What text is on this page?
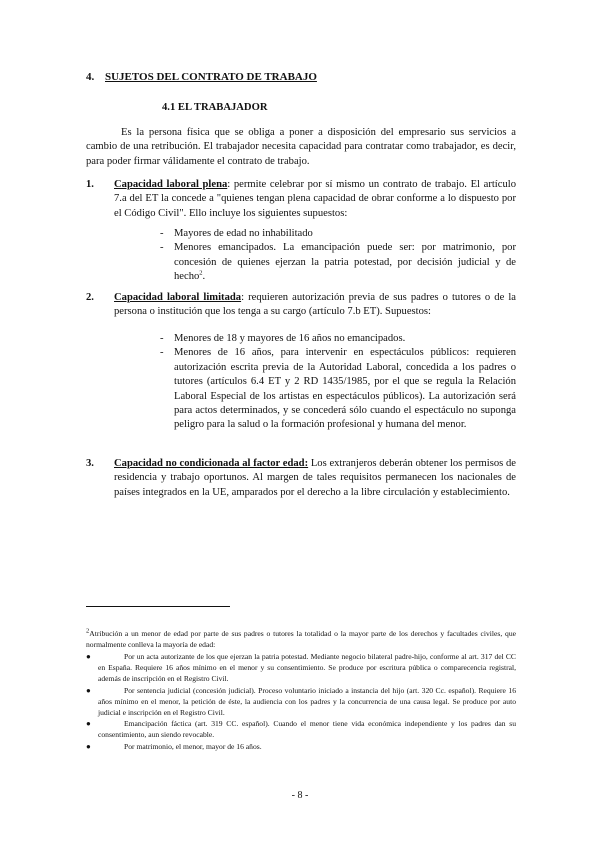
4. SUJETOS DEL CONTRATO DE TRABAJO
4.1 EL TRABAJADOR

Es la persona física que se obliga a poner a disposición del empresario sus servicios a cambio de una retribución. El trabajador necesita capacidad para contratar como trabajador, es decir, para poder firmar válidamente el contrato de trabajo.

1.	Capacidad laboral plena: permite celebrar por sí mismo un contrato de trabajo. El artículo 7.a del ET la concede a "quienes tengan plena capacidad de obrar conforme a lo dispuesto por el Código Civil". Ello incluye los siguientes supuestos:

- Mayores de edad no inhabilitado
- Menores emancipados. La emancipación puede ser: por matrimonio, por concesión de quienes ejerzan la patria potestad, por decisión judicial y de hecho$^2$.
2.	Capacidad laboral limitada: requieren autorización previa de sus padres o tutores o de la persona o institución que los tenga a su cargo (artículo 7.b ET). Supuestos:

- Menores de 18 y mayores de 16 años no emancipados.
- Menores de 16 años, para intervenir en espectáculos públicos: requieren autorización escrita previa de la Autoridad Laboral, concedida a los padres o tutores (artículos 6.4 ET y 2 RD 1435/1985, por el que se regula la Relación Laboral Especial de los artistas en espectáculos públicos). La autorización será para actos determinados, y se concederá sólo cuando el espectáculo no suponga peligro para la salud o la formación profesional y humana del menor.
3.	Capacidad no condicionada al factor edad: Los extranjeros deberán obtener los permisos de residencia y trabajo oportunos. Al margen de tales requisitos permanecen los nacionales de países integrados en la UE, amparados por el derecho a la libre circulación y establecimiento.

$^2$Atribución a un menor de edad por parte de sus padres o tutores la totalidad o la mayor parte de los derechos y facultades civiles, que normalmente conlleva la mayoría de edad:

●	Por un acta autorizante de los que ejerzan la patria potestad. Mediante negocio bilateral padre-hijo, conforme al art. 317 del CC en España. Requiere 16 años mínimo en el menor y su consentimiento. Se produce por escritura pública o comparecencia registral, además de inscripción en el Registro Civil.
●	Por sentencia judicial (concesión judicial). Proceso voluntario iniciado a instancia del hijo (art. 320 Cc. español). Requiere 16 años mínimo en el menor, la petición de éste, la audiencia con los padres y la concurrencia de una causa legal. Se produce por auto judicial e inscripción en el Registro Civil.
●	Emancipación fáctica (art. 319 CC. español). Cuando el menor tiene vida económica independiente y los padres dan su consentimiento, aun siendo revocable.
●	Por matrimonio, el menor, mayor de 16 años.
- 8 -
